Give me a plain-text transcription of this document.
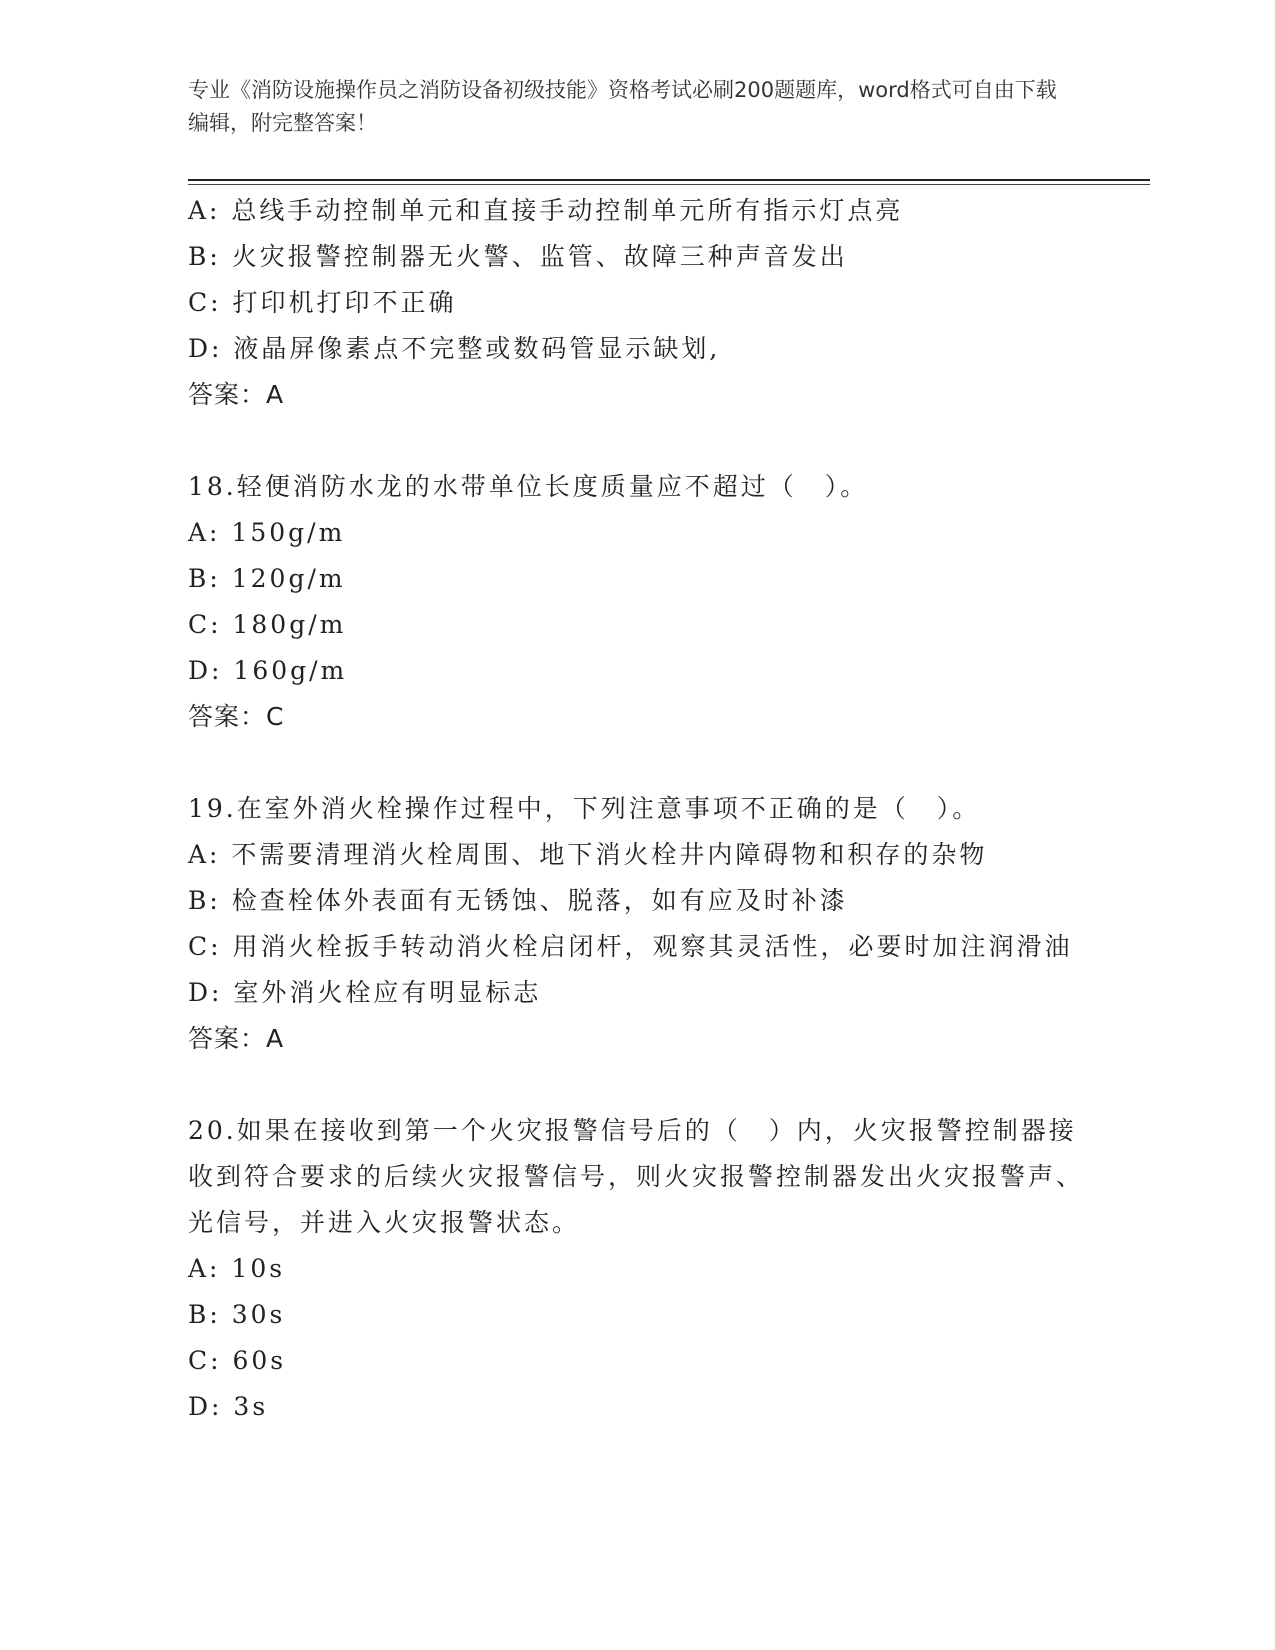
专业《消防设施操作员之消防设备初级技能》资格考试必刷200题题库，word格式可自由下载编辑，附完整答案！
A: 总线手动控制单元和直接手动控制单元所有指示灯点亮
B: 火灾报警控制器无火警、监管、故障三种声音发出
C: 打印机打印不正确
D: 液晶屏像素点不完整或数码管显示缺划,
答案：A
18.轻便消防水龙的水带单位长度质量应不超过（　）。
A: 150g/m
B: 120g/m
C: 180g/m
D: 160g/m
答案：C
19.在室外消火栓操作过程中，下列注意事项不正确的是（　）。
A: 不需要清理消火栓周围、地下消火栓井内障碍物和积存的杂物
B: 检查栓体外表面有无锈蚀、脱落，如有应及时补漆
C: 用消火栓扳手转动消火栓启闭杆，观察其灵活性，必要时加注润滑油
D: 室外消火栓应有明显标志
答案：A
20.如果在接收到第一个火灾报警信号后的（　）内，火灾报警控制器接收到符合要求的后续火灾报警信号，则火灾报警控制器发出火灾报警声、光信号，并进入火灾报警状态。
A: 10s
B: 30s
C: 60s
D: 3s
